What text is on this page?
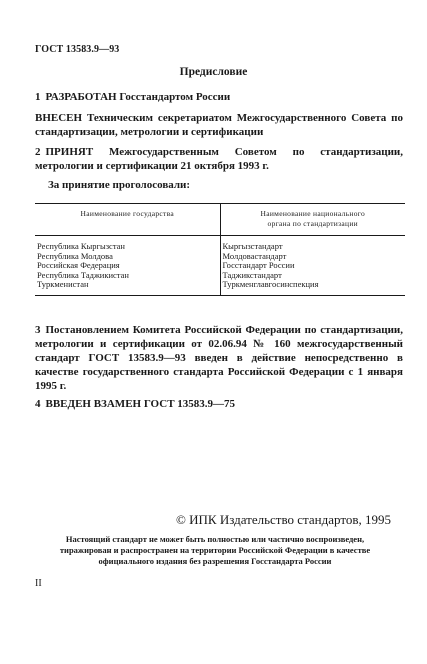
ГОСТ 13583.9—93
Предисловие
1 РАЗРАБОТАН Госстандартом России
ВНЕСЕН Техническим секретариатом Межгосударственного Совета по стандартизации, метрологии и сертификации
2 ПРИНЯТ Межгосударственным Советом по стандартизации, метрологии и сертификации 21 октября 1993 г.
За принятие проголосовали:
Наименование государства	Наименование национального
органа по стандартизации

Республика Кыргызстан	Кыргызстандарт
Республика Молдова	Молдовастандарт
Российская Федерация	Госстандарт России
Республика Таджикистан	Таджикстандарт
Туркменистан	Туркменглавгосинспекция
3 Постановлением Комитета Российской Федерации по стандартизации, метрологии и сертификации от 02.06.94 № 160 межгосударственный стандарт ГОСТ 13583.9—93 введен в действие непосредственно в качестве государственного стандарта Российской Федерации с 1 января 1995 г.
4 ВВЕДЕН ВЗАМЕН ГОСТ 13583.9—75
© ИПК Издательство стандартов, 1995
Настоящий стандарт не может быть полностью или частично воспроизведен, тиражирован и распространен на территории Российской Федерации в качестве официального издания без разрешения Госстандарта России
II
